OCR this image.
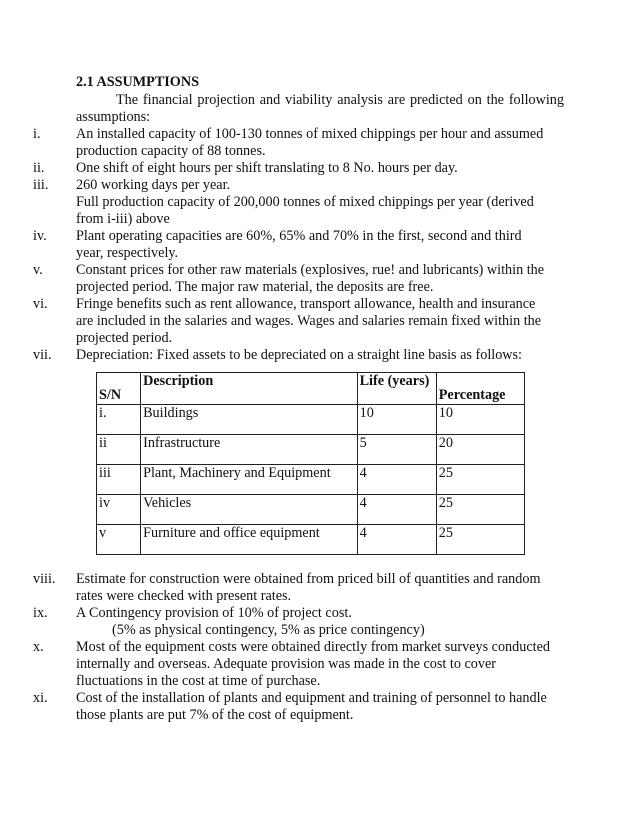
2.1 ASSUMPTIONS
The financial projection and viability analysis are predicted on the following
assumptions:
i.	An installed capacity of 100-130 tonnes of mixed chippings per hour and assumed
production capacity of 88 tonnes.
ii. One shift of eight hours per shift translating to 8 No. hours per day.
iii. 260 working days per year.
Full production capacity of 200,000 tonnes of mixed chippings per year (derived
from i-iii) above
iv. Plant operating capacities are 60%, 65% and 70% in the first, second and third
year, respectively.
v. Constant prices for other raw materials (explosives, rue! and lubricants) within the
projected period. The major raw material, the deposits are free.
vi. Fringe benefits such as rent allowance, transport allowance, health and insurance
are included in the salaries and wages. Wages and salaries remain fixed within the
projected period.
vii. Depreciation: Fixed assets to be depreciated on a straight line basis as follows:
S/N	Description	Life (years)	Percentage
i.	Buildings	10	10
ii	Infrastructure	5	20
iii	Plant, Machinery and Equipment	4	25
iv	Vehicles	4	25
v	Furniture and office equipment	4	25
viii. Estimate for construction were obtained from priced bill of quantities and random
rates were checked with present rates.
ix. A Contingency provision of 10% of project cost.
(5% as physical contingency, 5% as price contingency)
x. Most of the equipment costs were obtained directly from market surveys conducted
internally and overseas. Adequate provision was made in the cost to cover
fluctuations in the cost at time of purchase.
xi. Cost of the installation of plants and equipment and training of personnel to handle
those plants are put 7% of the cost of equipment.
